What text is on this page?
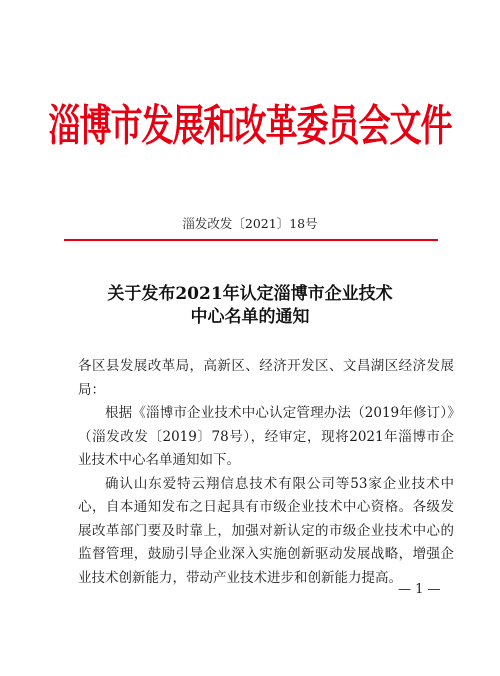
淄博市发展和改革委员会文件
淄发改发〔2021〕18号
关于发布2021年认定淄博市企业技术
中心名单的通知

各区县发展改革局，高新区、经济开发区、文昌湖区经济发展局：

根据《淄博市企业技术中心认定管理办法（2019年修订）》（淄发改发〔2019〕78号），经审定，现将2021年淄博市企业技术中心名单通知如下。

确认山东爱特云翔信息技术有限公司等53家企业技术中心，自本通知发布之日起具有市级企业技术中心资格。各级发展改革部门要及时靠上，加强对新认定的市级企业技术中心的监督管理，鼓励引导企业深入实施创新驱动发展战略，增强企业技术创新能力，带动产业技术进步和创新能力提高。

— 1 —
